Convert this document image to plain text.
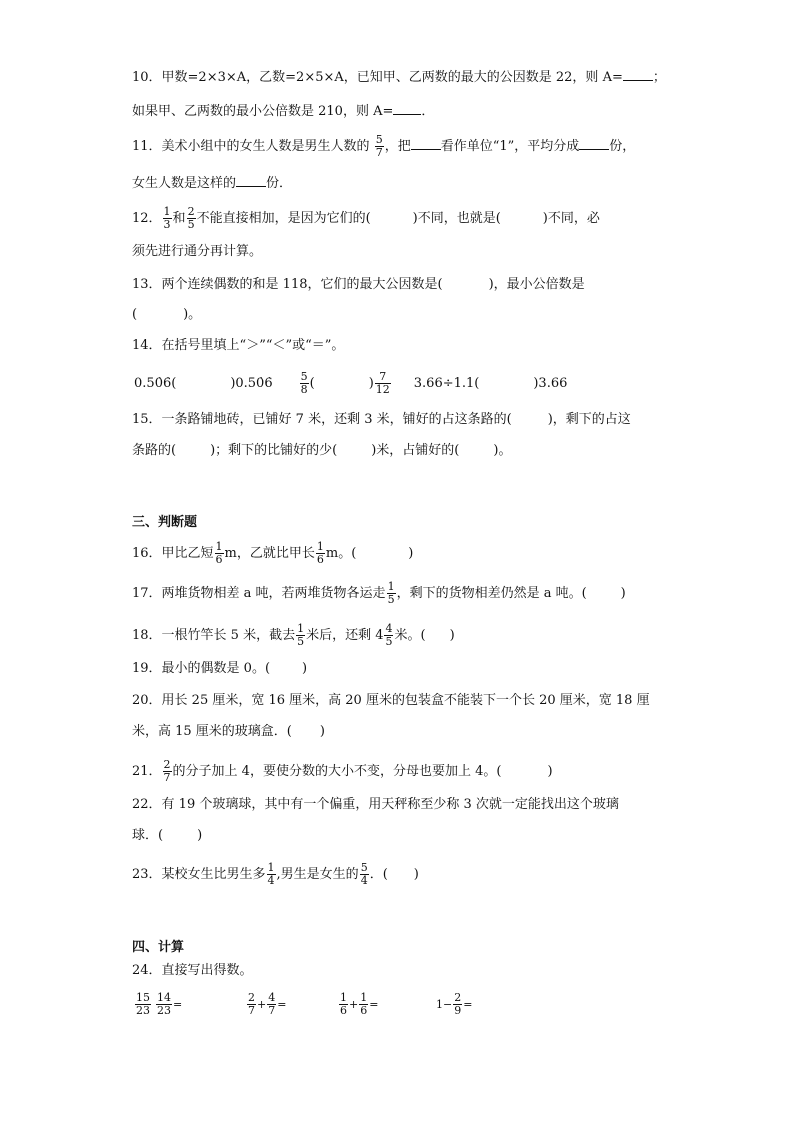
10．甲数=2×3×A，乙数=2×5×A，已知甲、乙两数的最大的公因数是 22，则 A= ；
如果甲、乙两数的最小公倍数是 210，则 A= ．
11．美术小组中的女生人数是男生人数的 $\frac{5}{7}$ ，把 看作单位“1”，平均分成 份，
女生人数是这样的 份．
12． $\frac{1}{3}$ 和 $\frac{2}{5}$ 不能直接相加，是因为它们的(	)不同，也就是(	)不同，必
须先进行通分再计算。
13．两个连续偶数的和是 118，它们的最大公因数是(	)，最小公倍数是
(	)。
14．在括号里填上“＞”“＜”或“＝”。
0.50̇6̇(	)0.50̇6̇ $\frac{5}{8}$ (	) $\frac{7}{12} 3.66\div 1.1$(	)3.66
15．一条路铺地砖，已铺好 7 米，还剩 3 米，铺好的占这条路的(	)，剩下的占这
条路的(	)；剩下的比铺好的少(	)米，占铺好的(	)。
三、判断题
16．甲比乙短 $\frac{1}{6}$ m，乙就比甲长 $\frac{1}{6}$ m。(	)
17．两堆货物相差 a 吨，若两堆货物各运走 $\frac{1}{5}$ ，剩下的货物相差仍然是 a 吨。(	)
18．一根竹竿长 5 米，截去 $\frac{1}{5}$ 米后，还剩 $4 \frac{4}{5}$ 米。( )
19．最小的偶数是 0。( )
20．用长 25 厘米，宽 16 厘米，高 20 厘米的包装盒不能装下一个长 20 厘米，宽 18 厘
米，高 15 厘米的玻璃盒．( )
21． $\frac{2}{7}$ 的分子加上 4，要使分数的大小不变，分母也要加上 4。(	)
22．有 19 个玻璃球，其中有一个偏重，用天秤称至少称 3 次就一定能找出这个玻璃
球．(	)
23．某校女生比男生多 $\frac{1}{4}$ ,男生是女生的 $\frac{5}{4}$ ．( )
四、计算
24．直接写出得数。
$\frac{15}{23} \frac{14}{23}$ =	$\frac{2}{7} + \frac{4}{7}$ =	$\frac{1}{6} + \frac{1}{6}$ =	$1- \frac{2}{9}$ =
